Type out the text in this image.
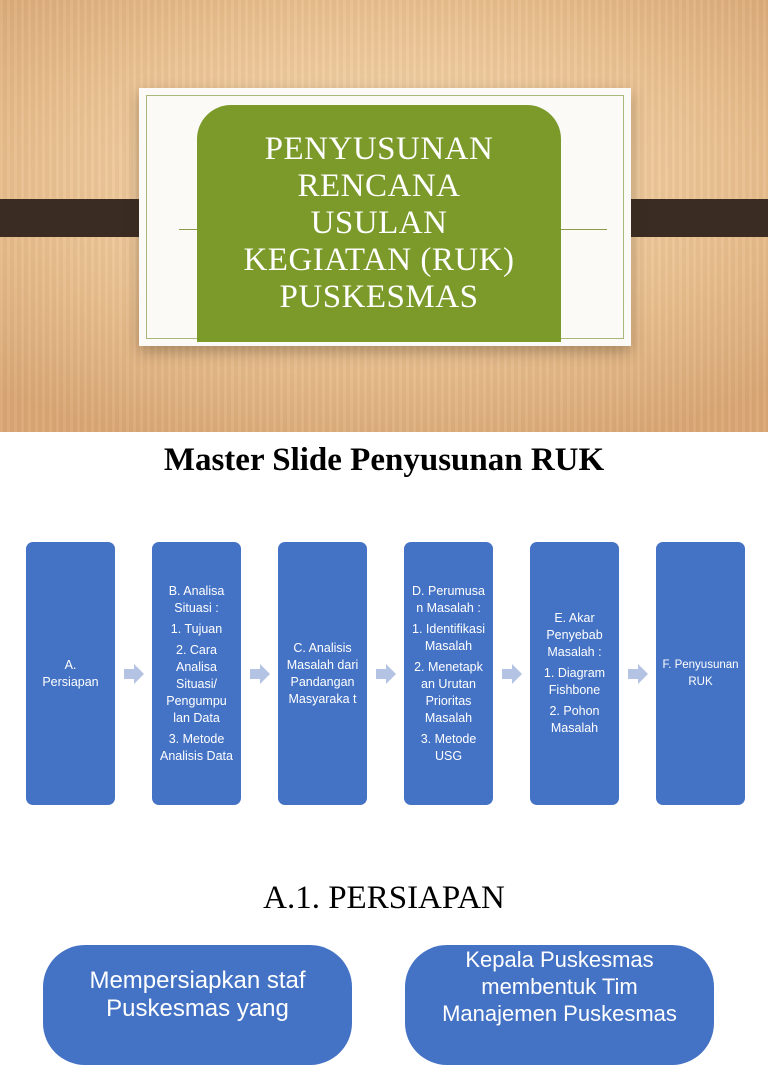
PENYUSUNAN
RENCANA
USULAN
KEGIATAN (RUK)
PUSKESMAS
Master Slide Penyusunan RUK
A.
Persiapan
B. Analisa Situasi :
1. Tujuan
2. Cara Analisa Situasi/ Pengumpu lan Data
3. Metode Analisis Data
C. Analisis Masalah dari Pandangan Masyaraka t
D. Perumusa n Masalah :
1. Identifikasi Masalah
2. Menetapk an Urutan Prioritas Masalah
3. Metode USG
E. Akar Penyebab Masalah :
1. Diagram Fishbone
2. Pohon Masalah
F. Penyusunan RUK
A.1. PERSIAPAN
Mempersiapkan staf
Puskesmas yang
Kepala Puskesmas
membentuk Tim
Manajemen Puskesmas
